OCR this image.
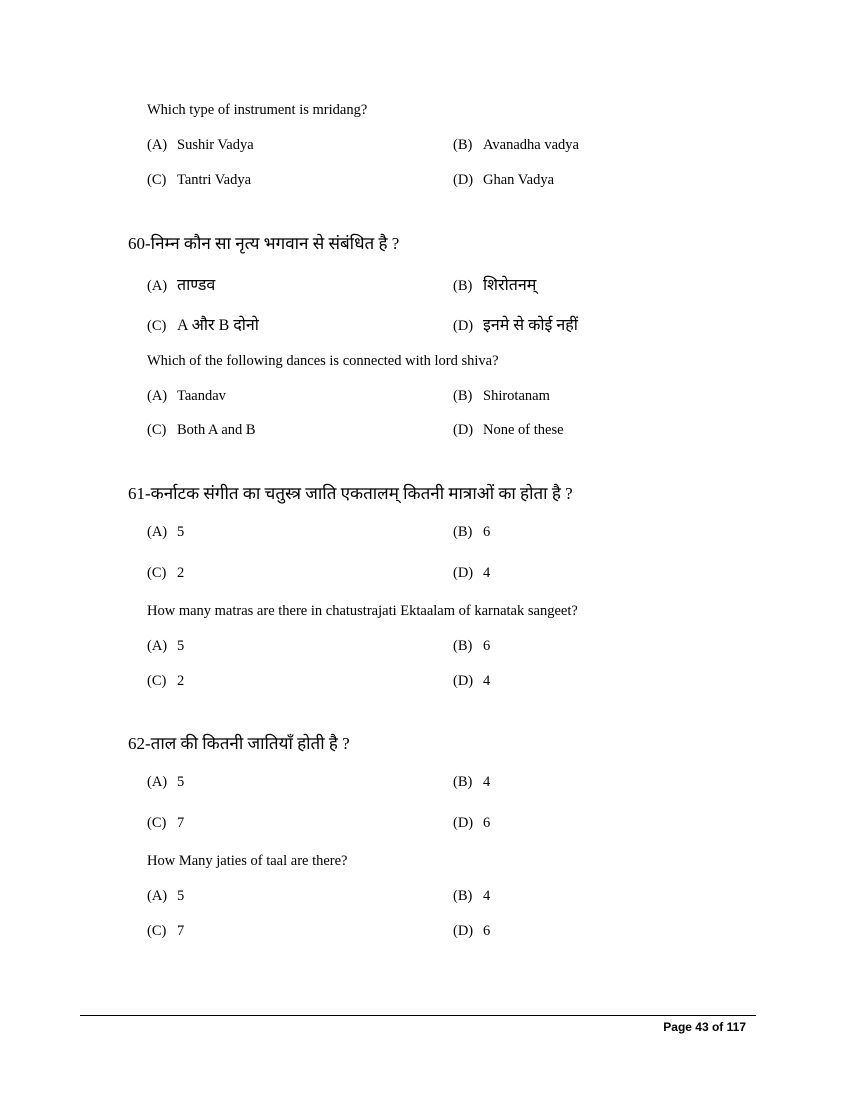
Which type of instrument is mridang?
(A) Sushir Vadya	(B) Avanadha vadya
(C) Tantri Vadya	(D) Ghan Vadya
60-निम्न कौन सा नृत्य भगवान से संबंधित है ?
(A) ताण्डव	(B) शिरोतनम्
(C) A और B दोनो	(D) इनमे से कोई नहीं
Which of the following dances is connected with lord shiva?
(A) Taandav	(B) Shirotanam
(C) Both A and B	(D) None of these
61-कर्नाटक संगीत का चतुस्त्र जाति एकतालम् कितनी मात्राओं का होता है ?
(A) 5	(B) 6
(C) 2	(D) 4
How many matras are there in chatustrajati Ektaalam of karnatak sangeet?
(A) 5	(B) 6
(C) 2	(D) 4
62-ताल की कितनी जातियाँ होती है ?
(A) 5	(B) 4
(C) 7	(D) 6
How Many jaties of taal are there?
(A) 5	(B) 4
(C) 7	(D) 6
Page 43 of 117
